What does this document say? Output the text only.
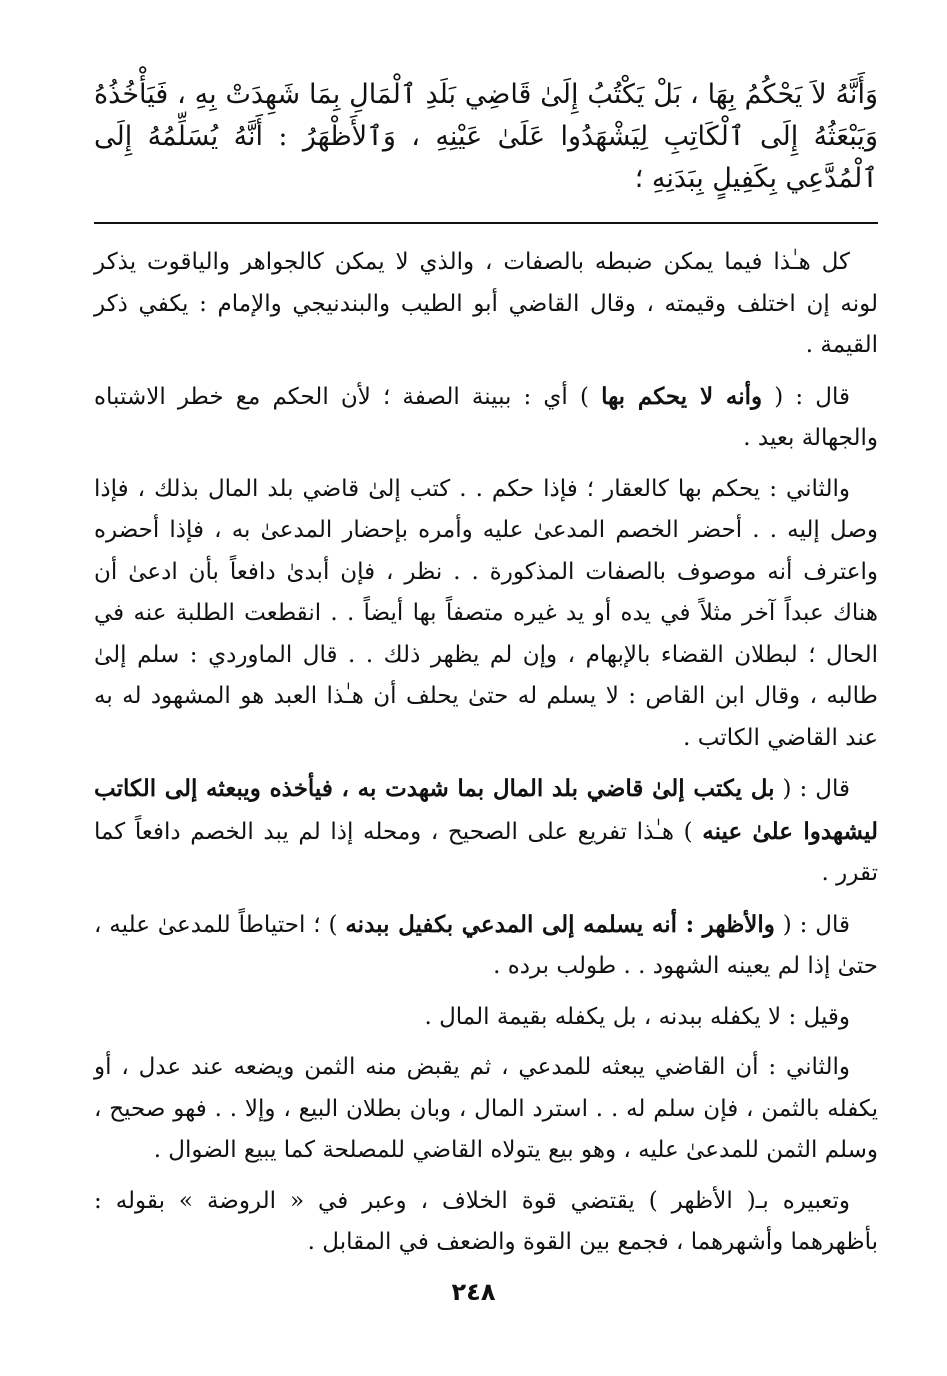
وَأَنَّهُ لاَ يَحْكُمُ بِهَا ، بَلْ يَكْتُبُ إِلَىٰ قَاضِي بَلَدِ ٱلْمَالِ بِمَا شَهِدَتْ بِهِ ، فَيَأْخُذُهُ وَيَبْعَثُهُ إِلَى ٱلْكَاتِبِ لِيَشْهَدُوا عَلَىٰ عَيْنِهِ ، وَٱلأَظْهَرُ : أَنَّهُ يُسَلِّمُهُ إِلَى ٱلْمُدَّعِي بِكَفِيلٍ بِبَدَنِهِ ؛

كل هـٰذا فيما يمكن ضبطه بالصفات ، والذي لا يمكن كالجواهر والياقوت يذكر لونه إن اختلف وقيمته ، وقال القاضي أبو الطيب والبندنيجي والإمام : يكفي ذكر القيمة .

قال : ( وأنه لا يحكم بها ) أي : ببينة الصفة ؛ لأن الحكم مع خطر الاشتباه والجهالة بعيد .

والثاني : يحكم بها كالعقار ؛ فإذا حكم . . كتب إلىٰ قاضي بلد المال بذلك ، فإذا وصل إليه . . أحضر الخصم المدعىٰ عليه وأمره بإحضار المدعىٰ به ، فإذا أحضره واعترف أنه موصوف بالصفات المذكورة . . نظر ، فإن أبدىٰ دافعاً بأن ادعىٰ أن هناك عبداً آخر مثلاً في يده أو يد غيره متصفاً بها أيضاً . . انقطعت الطلبة عنه في الحال ؛ لبطلان القضاء بالإبهام ، وإن لم يظهر ذلك . . قال الماوردي : سلم إلىٰ طالبه ، وقال ابن القاص : لا يسلم له حتىٰ يحلف أن هـٰذا العبد هو المشهود له به عند القاضي الكاتب .

قال : ( بل يكتب إلىٰ قاضي بلد المال بما شهدت به ، فيأخذه ويبعثه إلى الكاتب ليشهدوا علىٰ عينه ) هـٰذا تفريع على الصحيح ، ومحله إذا لم يبد الخصم دافعاً كما تقرر .

قال : ( والأظهر : أنه يسلمه إلى المدعي بكفيل ببدنه ) ؛ احتياطاً للمدعىٰ عليه ، حتىٰ إذا لم يعينه الشهود . . طولب برده .

وقيل : لا يكفله ببدنه ، بل يكفله بقيمة المال .

والثاني : أن القاضي يبعثه للمدعي ، ثم يقبض منه الثمن ويضعه عند عدل ، أو يكفله بالثمن ، فإن سلم له . . استرد المال ، وبان بطلان البيع ، وإلا . . فهو صحيح ، وسلم الثمن للمدعىٰ عليه ، وهو بيع يتولاه القاضي للمصلحة كما يبيع الضوال .

وتعبيره بـ( الأظهر ) يقتضي قوة الخلاف ، وعبر في « الروضة » بقوله : بأظهرهما وأشهرهما ، فجمع بين القوة والضعف في المقابل .

٢٤٨
